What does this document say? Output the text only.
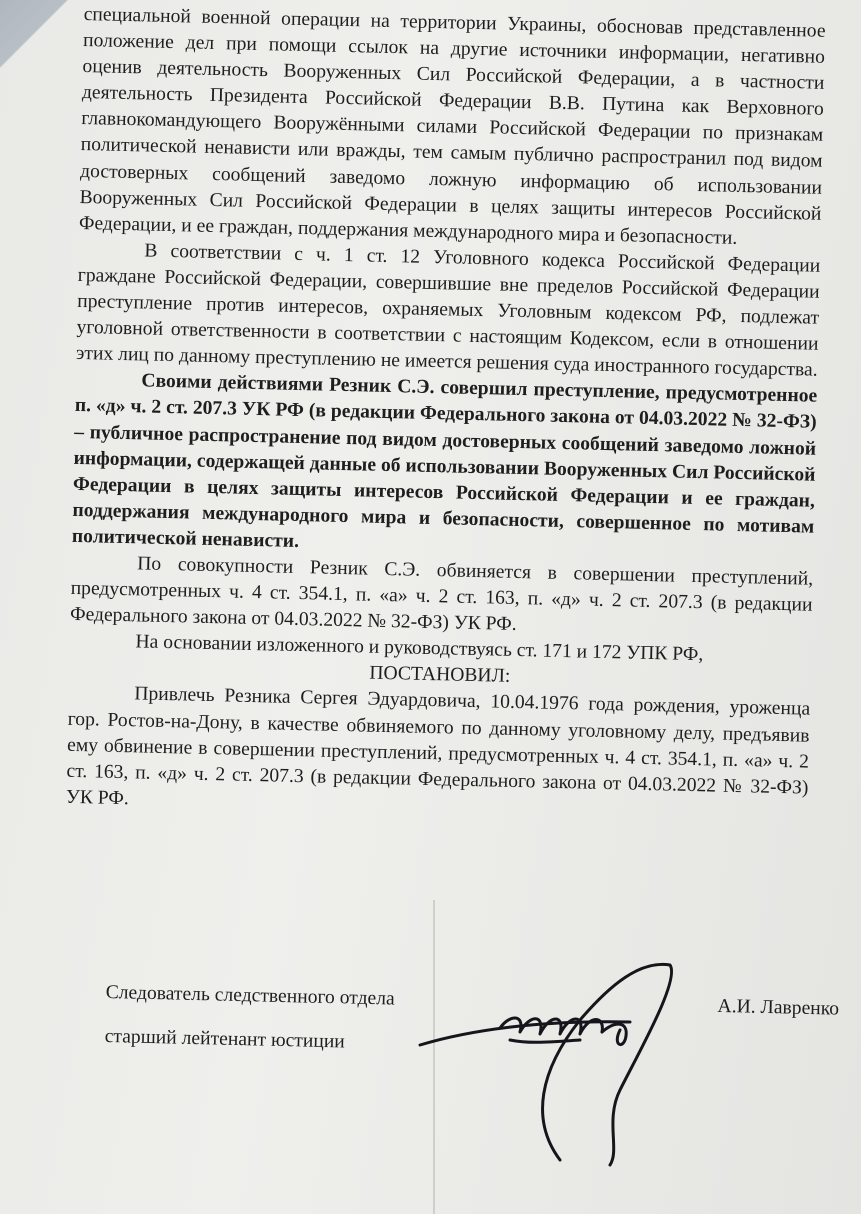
специальной военной операции на территории Украины, обосновав представленное положение дел при помощи ссылок на другие источники информации, негативно оценив деятельность Вооруженных Сил Российской Федерации, а в частности деятельность Президента Российской Федерации В.В. Путина как Верховного главнокомандующего Вооружёнными силами Российской Федерации по признакам политической ненависти или вражды, тем самым публично распространил под видом достоверных сообщений заведомо ложную информацию об использовании Вооруженных Сил Российской Федерации в целях защиты интересов Российской Федерации, и ее граждан, поддержания международного мира и безопасности.

В соответствии с ч. 1 ст. 12 Уголовного кодекса Российской Федерации граждане Российской Федерации, совершившие вне пределов Российской Федерации преступление против интересов, охраняемых Уголовным кодексом РФ, подлежат уголовной ответственности в соответствии с настоящим Кодексом, если в отношении этих лиц по данному преступлению не имеется решения суда иностранного государства.

Своими действиями Резник С.Э. совершил преступление, предусмотренное п. «д» ч. 2 ст. 207.3 УК РФ (в редакции Федерального закона от 04.03.2022 № 32-ФЗ) – публичное распространение под видом достоверных сообщений заведомо ложной информации, содержащей данные об использовании Вооруженных Сил Российской Федерации в целях защиты интересов Российской Федерации и ее граждан, поддержания международного мира и безопасности, совершенное по мотивам политической ненависти.

По совокупности Резник С.Э. обвиняется в совершении преступлений, предусмотренных ч. 4 ст. 354.1, п. «а» ч. 2 ст. 163, п. «д» ч. 2 ст. 207.3 (в редакции Федерального закона от 04.03.2022 № 32-ФЗ) УК РФ.

На основании изложенного и руководствуясь ст. 171 и 172 УПК РФ,

ПОСТАНОВИЛ:

Привлечь Резника Сергея Эдуардовича, 10.04.1976 года рождения, уроженца гор. Ростов-на-Дону, в качестве обвиняемого по данному уголовному делу, предъявив ему обвинение в совершении преступлений, предусмотренных ч. 4 ст. 354.1, п. «а» ч. 2 ст. 163, п. «д» ч. 2 ст. 207.3 (в редакции Федерального закона от 04.03.2022 № 32-ФЗ) УК РФ.

Следователь следственного отдела
старший лейтенант юстиции
А.И. Лавренко
